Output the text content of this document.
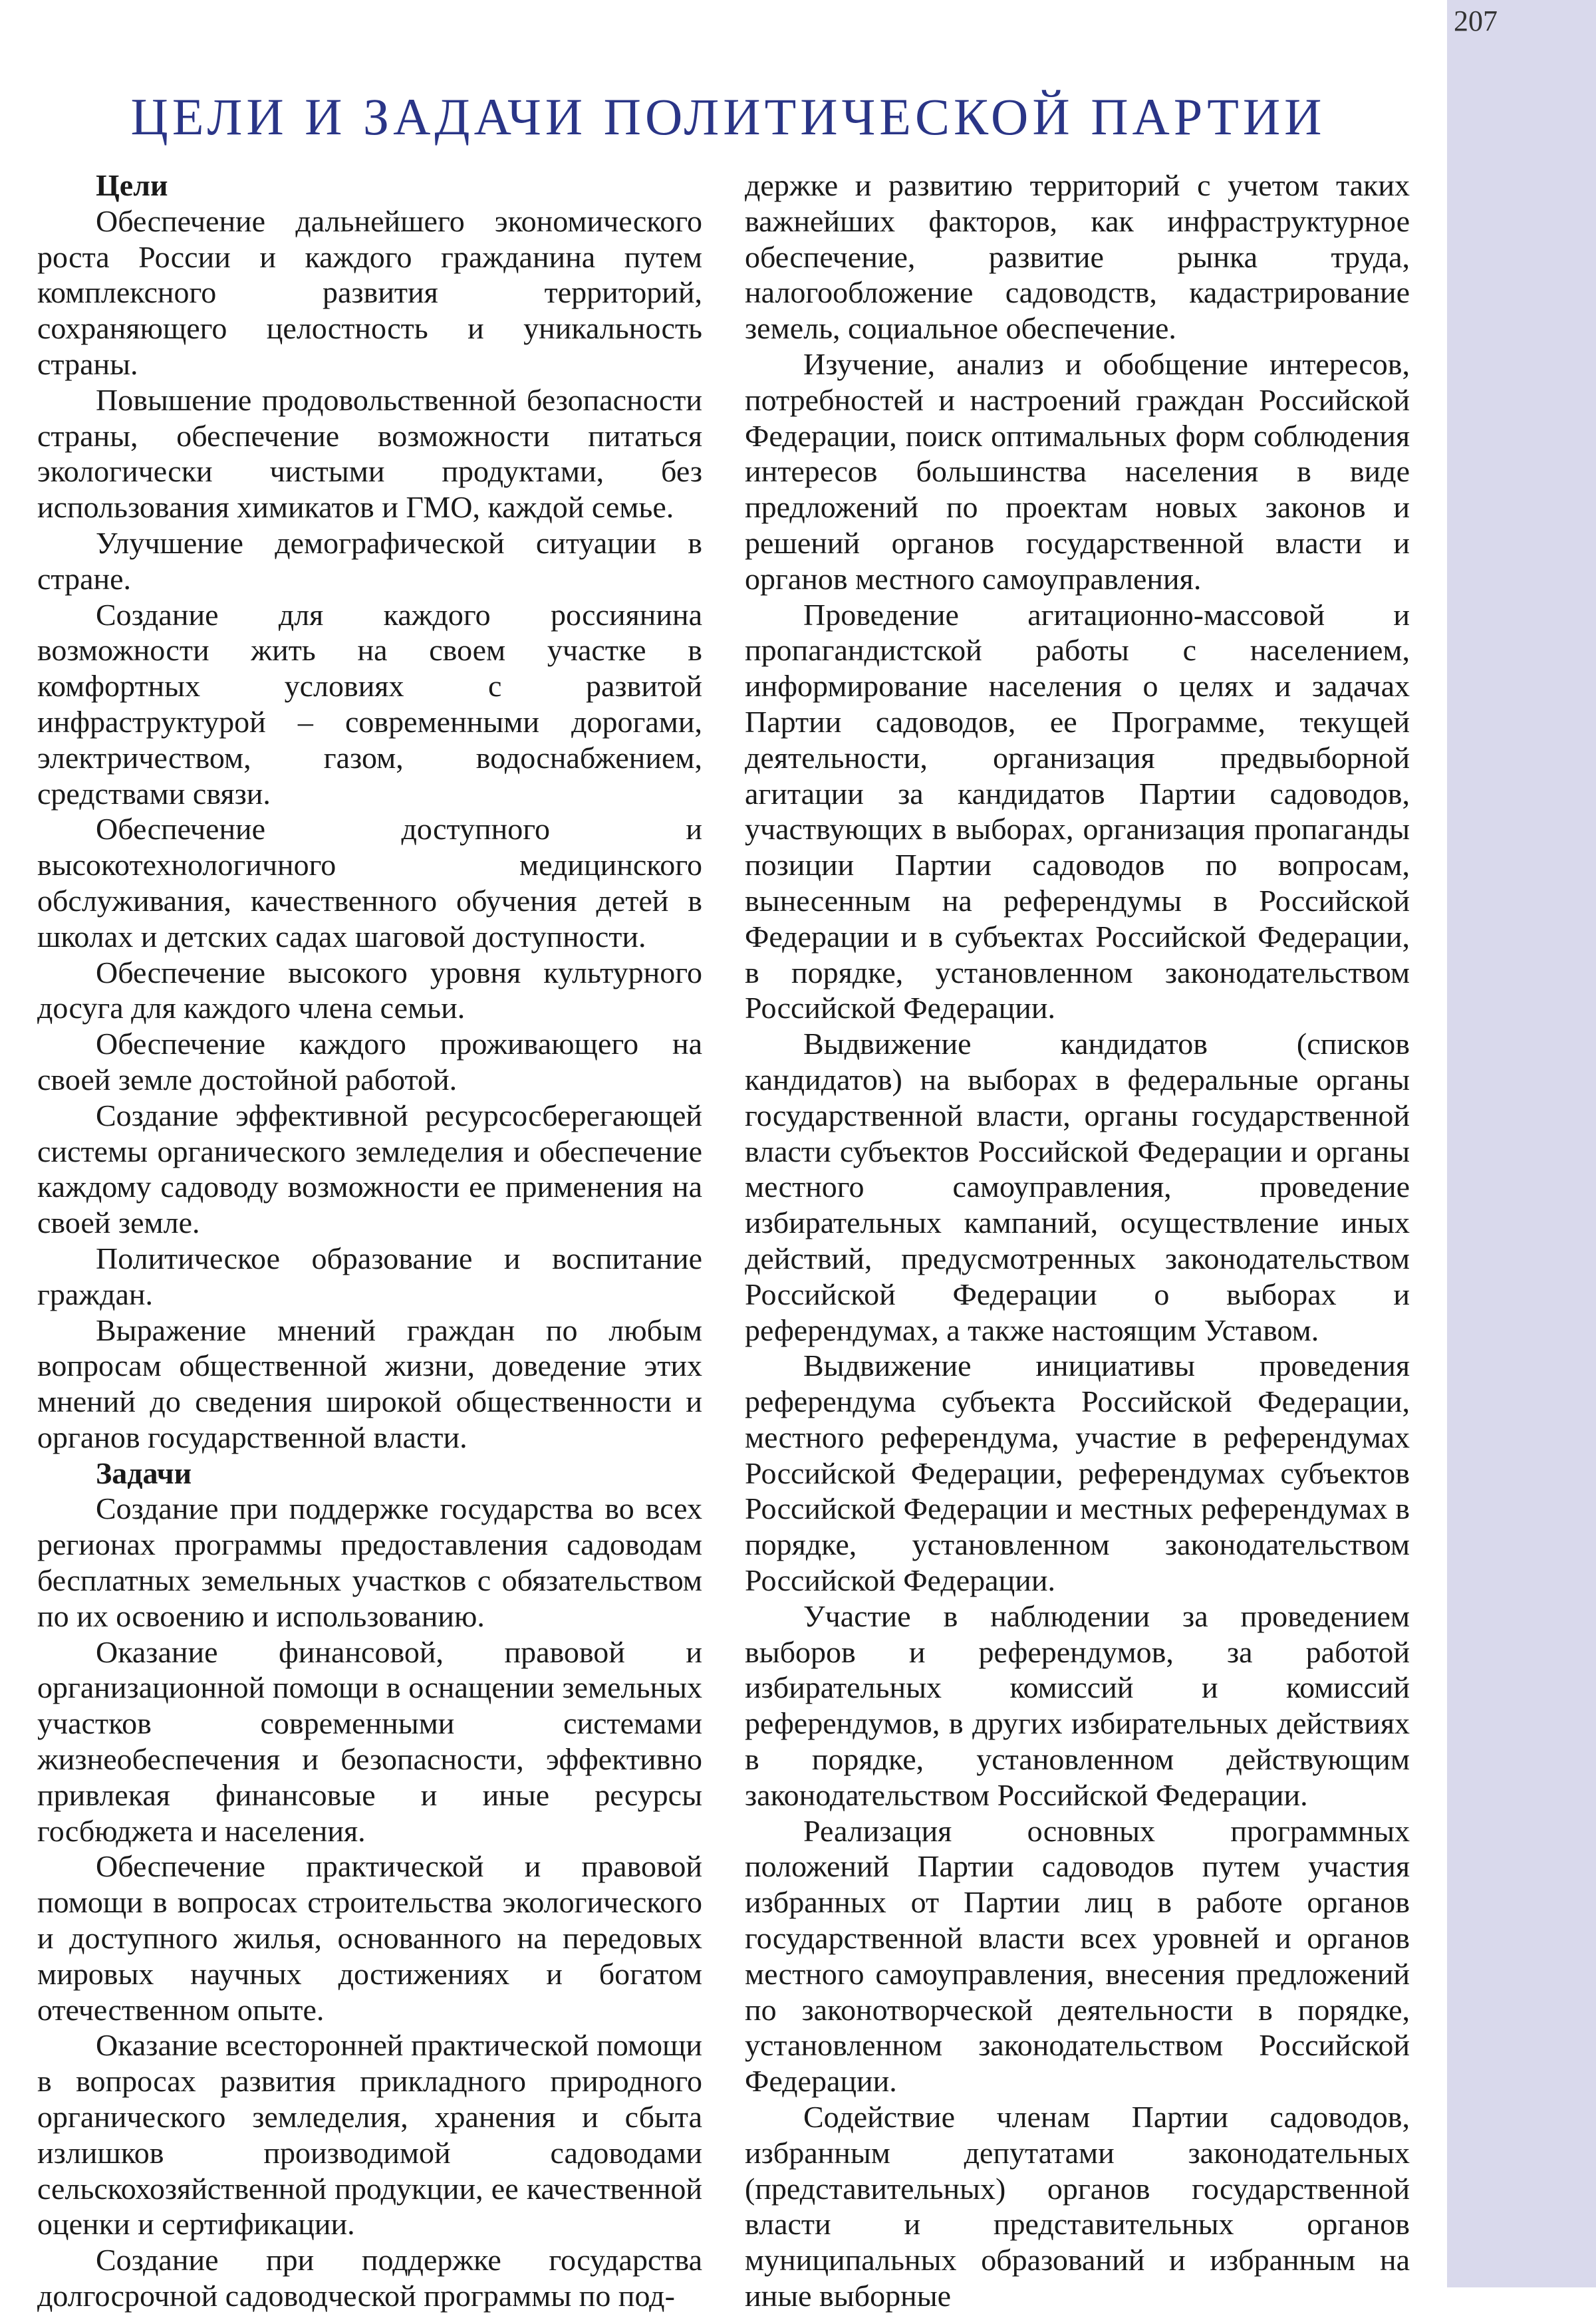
207
ЦЕЛИ И ЗАДАЧИ ПОЛИТИЧЕСКОЙ ПАРТИИ

Цели

Обеспечение дальнейшего экономического роста России и каждого гражданина путем комплексного развития территорий, сохраняющего целостность и уникальность страны.

Повышение продовольственной безопасности страны, обеспечение возможности питаться экологически чистыми продуктами, без использования химикатов и ГМО, каждой семье.

Улучшение демографической ситуации в стране.

Создание для каждого россиянина возможности жить на своем участке в комфортных условиях с развитой инфраструктурой – современными дорогами, электричеством, газом, водоснабжением, средствами связи.

Обеспечение доступного и высокотехнологичного медицинского обслуживания, качественного обучения детей в школах и детских садах шаговой доступности.

Обеспечение высокого уровня культурного досуга для каждого члена семьи.

Обеспечение каждого проживающего на своей земле достойной работой.

Создание эффективной ресурсосберегающей системы органического земледелия и обеспечение каждому садоводу возможности ее применения на своей земле.

Политическое образование и воспитание граждан.

Выражение мнений граждан по любым вопросам общественной жизни, доведение этих мнений до сведения широкой общественности и органов государственной власти.

Задачи

Создание при поддержке государства во всех регионах программы предоставления садоводам бесплатных земельных участков с обязательством по их освоению и использованию.

Оказание финансовой, правовой и организационной помощи в оснащении земельных участков современными системами жизнеобеспечения и безопасности, эффективно привлекая финансовые и иные ресурсы госбюджета и населения.

Обеспечение практической и правовой помощи в вопросах строительства экологического и доступного жилья, основанного на передовых мировых научных достижениях и богатом отечественном опыте.

Оказание всесторонней практической помощи в вопросах развития прикладного природного органического земледелия, хранения и сбыта излишков производимой садоводами сельскохозяйственной продукции, ее качественной оценки и сертификации.

Создание при поддержке государства долгосрочной садоводческой программы по под-

держке и развитию территорий с учетом таких важнейших факторов, как инфраструктурное обеспечение, развитие рынка труда, налогообложение садоводств, кадастрирование земель, социальное обеспечение.

Изучение, анализ и обобщение интересов, потребностей и настроений граждан Российской Федерации, поиск оптимальных форм соблюдения интересов большинства населения в виде предложений по проектам новых законов и решений органов государственной власти и органов местного самоуправления.

Проведение агитационно-массовой и пропагандистской работы с населением, информирование населения о целях и задачах Партии садоводов, ее Программе, текущей деятельности, организация предвыборной агитации за кандидатов Партии садоводов, участвующих в выборах, организация пропаганды позиции Партии садоводов по вопросам, вынесенным на референдумы в Российской Федерации и в субъектах Российской Федерации, в порядке, установленном законодательством Российской Федерации.

Выдвижение кандидатов (списков кандидатов) на выборах в федеральные органы государственной власти, органы государственной власти субъектов Российской Федерации и органы местного самоуправления, проведение избирательных кампаний, осуществление иных действий, предусмотренных законодательством Российской Федерации о выборах и референдумах, а также настоящим Уставом.

Выдвижение инициативы проведения референдума субъекта Российской Федерации, местного референдума, участие в референдумах Российской Федерации, референдумах субъектов Российской Федерации и местных референдумах в порядке, установленном законодательством Российской Федерации.

Участие в наблюдении за проведением выборов и референдумов, за работой избирательных комиссий и комиссий референдумов, в других избирательных действиях в порядке, установленном действующим законодательством Российской Федерации.

Реализация основных программных положений Партии садоводов путем участия избранных от Партии лиц в работе органов государственной власти всех уровней и органов местного самоуправления, внесения предложений по законотворческой деятельности в порядке, установленном законодательством Российской Федерации.

Содействие членам Партии садоводов, избранным депутатами законодательных (представительных) органов государственной власти и представительных органов муниципальных образований и избранным на иные выборные
